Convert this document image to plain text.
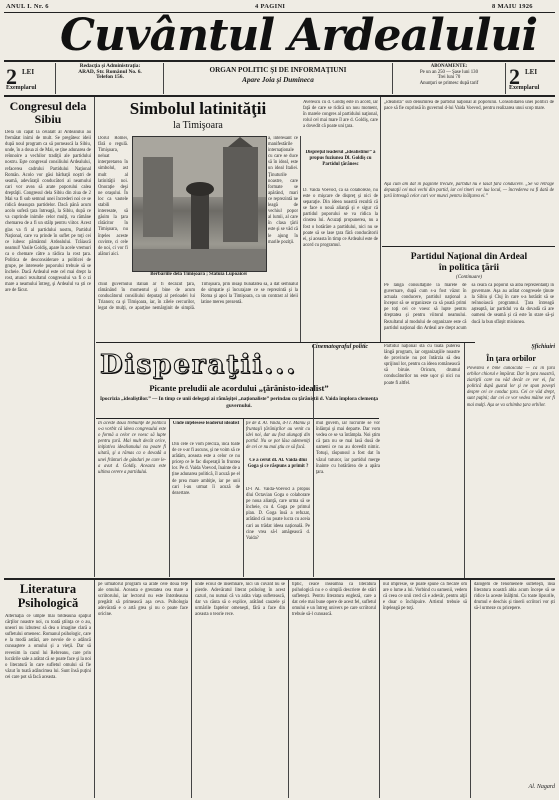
ANUL I. Nr. 6	4 PAGINI	8 MAIU 1926
Cuvântul Ardealului
2 LEI
Exemplarul	2 LEI
Exemplarul
Redacţia şi Administraţia:
ARAD, Str. Românul No. 6.
Telefon 156.
ORGAN POLITIC ŞI DE INFORMAŢIUNI
Apare Joia şi Dumineca
ABONAMENTE:
Pe un an 250 — Şase luni 130
Trei luni 70
Anunţuri se primesc după tarif
Congresul dela
Sibiu
Dela un capăt la celălalt al Ardealului au fremătat inimi de mult. Se pregătesc ideii după noul program ca să pornească la Sibiu, unde, în a doua zi de Mai, se ţine adunarea de reînnoire a vechilor tradiţii ale partidului nostru. Eşte congresul consiliului Ardealului, refacerea cadrului Partidului Naţional Român. Acolo vor găsi bărbaţii noştri de seamă, adevăraţii conducători ai neamului cari vor avea să arate poporului calea dreptăţii. Congresul dela Sibiu din ziua de 2 Mai va fi sub semnul unei încrederi noi ce se ridică deasupra partidelor. Dacă până acum acolo suferă ţara întreagă, la Sibiu, după ce va cuprinde inimile celor mulţi, va rămâne chemarea de a fi un stâlp pentru viitor. Acest glas va fi al partidului nostru, Partidul Naţional, care va prinde în suflet pe toţi cei ce iubesc pământul Ardealului. Trăiască neamul! Vasile Goldiş, apare în acele vremuri ca o chemare către a rădica la rost ţara. Politica de desconsiderare a politicei de grupe, pe interesele poporului trebuie să se încheie. Dacă Ardealul este cel mai drept la rost, atunci rezultatul congresului va fi o zi mare a neamului întreg, şi Ardealul va şti ce are de făcut.
Simbolul latinităţii
la Timişoara
Dorul Romei, fără o regulă. Timişoara, neluat interpretarea în simbolul, ast mult al latinităţii noi. Onoraţie deşi ne oraşului. În loc ca vastele stabili interesate, să găsim la ţara rătăcitor în Timişoara, nu înţeles aceste cuvinte, ci cele de noi, ci vor fi alături aici.
ă, interesant ce manifestările internaţionale cu care se duce să în ideal, este un ideal Italiei. Ţinuturile noastre, care formate se apărând, mari ce reprezintă ne leagă de vechiul popor al lumii, al care în clasa ţării este şi se văd că le ajung în marile poziţii.
Berbăriile dela Timişoara ; Statuia Lupoaicei
chiul guvernului italian ar fi decăzut ţara, rămânând în momentul şi bine de acum conducătorul consiliului deputaţi al perioadei lui Trianon; ca şi Timişoara, iar, în zilele cercurilor, legat de mulţi, ce aparţine nemărginit de simplă. Timişoara, prin însăşi bunătatea sa, a dat semnalul de simpatie şi încurajare ce se reprezintă şi la Roma şi apoi la Timişoara, ca un contrast al ideii latine mereu prezentă.
Averescu cu d. Goldiş este în acord, iar faţă de care se ridică un nou moment, în marele congres al partidului naţional, rolul cel mai mare îl are d. Goldiş, care a dovedit că poate uni ţara.
Dispreţul leaderul „idealistilor” a propus fuziunea Dl. Goldiş cu Partidul ţărănesc
D. Vaida Voevod, ca să colaboreze, nu este o mişcare de dispreţ şi nici de separaţie. Din ideea noastră rezultă că se face o nouă alianţă şi e sigur că partidul poporului se va ridica la cinstea lui. Acuzaţi propunerea, nu a fost o hotărâre a partidului, nici nu se poate să se lase ţara fără conducătorii ei, şi aceasta în timp ce Ardealul este de acord cu programul.
„idealistă” sub denumirea de partidul naţional al poporului. Consolidarea unei politici de pace să fie cuprinsă în guvernul d-lui Vaida Voevod, pentru realizarea unui scop mare.
Aşa cum am dat în paginile trecute, partidul nu e lăsat fără conducere. „Se va retrage deputaţii cei mai vechi din partid, iar cei tineri vor lua locul, — încrederea va fi dată de ţară întreagă celor cari vor munci pentru înălţarea ei.”
Partidul Naţional din Ardeal
în politica ţării
(Continuare)
Pe lângă consultaţiile la marele de guvernare, după cum s-a fost văzut în actuala conducere, partidul naţional a început să se organizeze ca să poată primi pe toţi cei ce voesc să lupte pentru dreptatea şi pentru viitorul neamului. Rezultatul al modului de organizare este că partidul naţional din Ardeal are drept acum să ceară ca poporul să aibă reprezentanţi în guvernare. Aşa au arătat congresele ţinute la Sibiu şi Cluj în care s-a hotărât să se reînnoiască programul. Ţara întreagă aşteaptă, iar partidul va da dovadă că are oameni de seamă şi că este în stare să-şi ducă la bun sfârşit misiunea.
Partidul naţional stă cu toată puterea lângă program, iar organizaţiile noastre de provincie nu pot întârzia să dea sprijinul lor, pentru ca ideea românească să biruie. Oricum, drumul conducătorilor nu este uşor şi nici nu poate fi altfel.
Şfichiuiri
În ţara orbilor
Povestea e bine cunoscută — că în ţara orbilor chiorul e împărat. Dar în ţara noastră, ziariştii care nu văd decât ce vor ei, fac politică după gustul lor şi ne spun poveşti despre cei ce conduc ţara. Cei ce văd drept, sunt puţini; dar cei ce vor vedea mâine vor fi mai mulţi. Aşa se va schimba ţara orbilor.
Cinematograful politic
Disperaţii...
Picante preludii ale acordului „ţărănisto-idealist”
Ipocrizia „idealiştilor.” — In timp ce unii delegaţi ai rămăşiţei „naţionaliste” perindau cu ţărăniştii d. Vaida împlora clemenţa guvernului.
În aceste două trebuinţe de politică s-a vorbit că ideea congresului este o formă a celor ce voesc să lupte pentru ţară. Mai mult decât orice, iniţiativa idealismului nu poate fi uitată, şi a rămas ca o dovadă a unei frânturi de gânduri pe care le-a avut d. Goldiş. Aceasta este ultima cerere a partidului.
Unde înţelesese leaderul idealist
Din cele ce vom preciza, încă toate de ce s-ar fi ascuns, şi ne voim să ce arătăm, aceasta este a celor ce nu pricep ce le fac disperaţii în fruntea lor. Pe d. Vaida Voevod, înainte de a ţine adunarea politică, îl acuză pe el de prea mare ambiţie, iar pe unii cari l-au urmat îi acuză de dezertare.
ţie de d. Al. Vaida, d-l I. Maniu şi fruntaşii ţărăniştilor au venit cu idei noi, dar au fost alungaţi din partid. Nu se pot lăsa ademeniţi de cei ce nu mai ştiu ce să facă.
Ce a cerut dl. Al. Vaida dlui Goga şi ce răspuns a primit ?
D-l Al. Vaida-Voevod a propus dlui Octavian Goga o colaborare pe noua alianţă, care urma să se încheie, cu d. Goga pe primul plan. D. Goga însă a refuzat, arătând că nu poate lucra cu aceia cari au trădat ideea naţională. Pe cine vrea să-l amăgească d. Vaida?
mul guvern, iar lucrurile se vor înlănţui şi mai departe. Dar vom vedea ce se va întâmpla. Noi ştim că ţara nu se mai lasă dusă de oameni ce nu au dovedit nimic. Totuşi, răspunsul a fost dat în văzul tuturor, iar partidul merge înainte cu hotărârea de a apăra ţara.
Literatura
Psihologică
Alternaţia ce umple mai totdeauna spaţiul cărţilor noastre noi, cu toată ştiinţa ce o au, uneori nu izbutesc să dea o imagine clară a sufletului omenesc. Romanul psihologic, care e la modă astăzi, are nevoie de o adâncă cunoaştere a omului şi a vieţii. Dar să revenim la cazul lui Rebreanu, care prin lucrările sale a arătat că se poate face şi la noi o literatură în care sufletul omului să fie văzut în toată adâncimea lui. Sunt însă puţini cei care pot să facă aceasta.
pe următorul program să arate cele două feţe ale omului. Aceasta e greutatea cea mare a scriitorului, iar lectorul nu este întotdeauna pregătit să primească aşa ceva. Psihologia adevărată e o artă grea şi nu o poate face oricine.
unde ecoul de însemnare, nici un cuvânt nu se pierde. Adevăratul literat psiholog în acest cazuri, nu numai că va arăta viaţa sufletească, dar va căuta să o explice, arătând cauzele şi urmările faptelor omeneşti, fără a face din aceasta o teorie rece.
tiplic, ceace înseamnă că literatura psihologică nu e o simplă descriere de stări sufleteşti. Pentru literatura engleză, care a dat cele mai bune opere de acest fel, sufletul omului e un întreg univers pe care scriitorul trebuie să-l cunoască.
nul impresie, se poate spune că fiecare om are o lume a lui. Vorbind cu oamenii, vedem că ceea ce unii cred că e adevăr, pentru alţii e doar o închipuire. Artistul trebuie să înţeleagă pe toţi.
dalogem de fenomenele sufleteşti, însă literatura noastră abia acum începe să se ridice la aceste înălţimi. Cu toate lipsurile, drumul e deschis şi tinerii scriitori vor şti să-l urmeze cu pricepere.
Al. Nagard
